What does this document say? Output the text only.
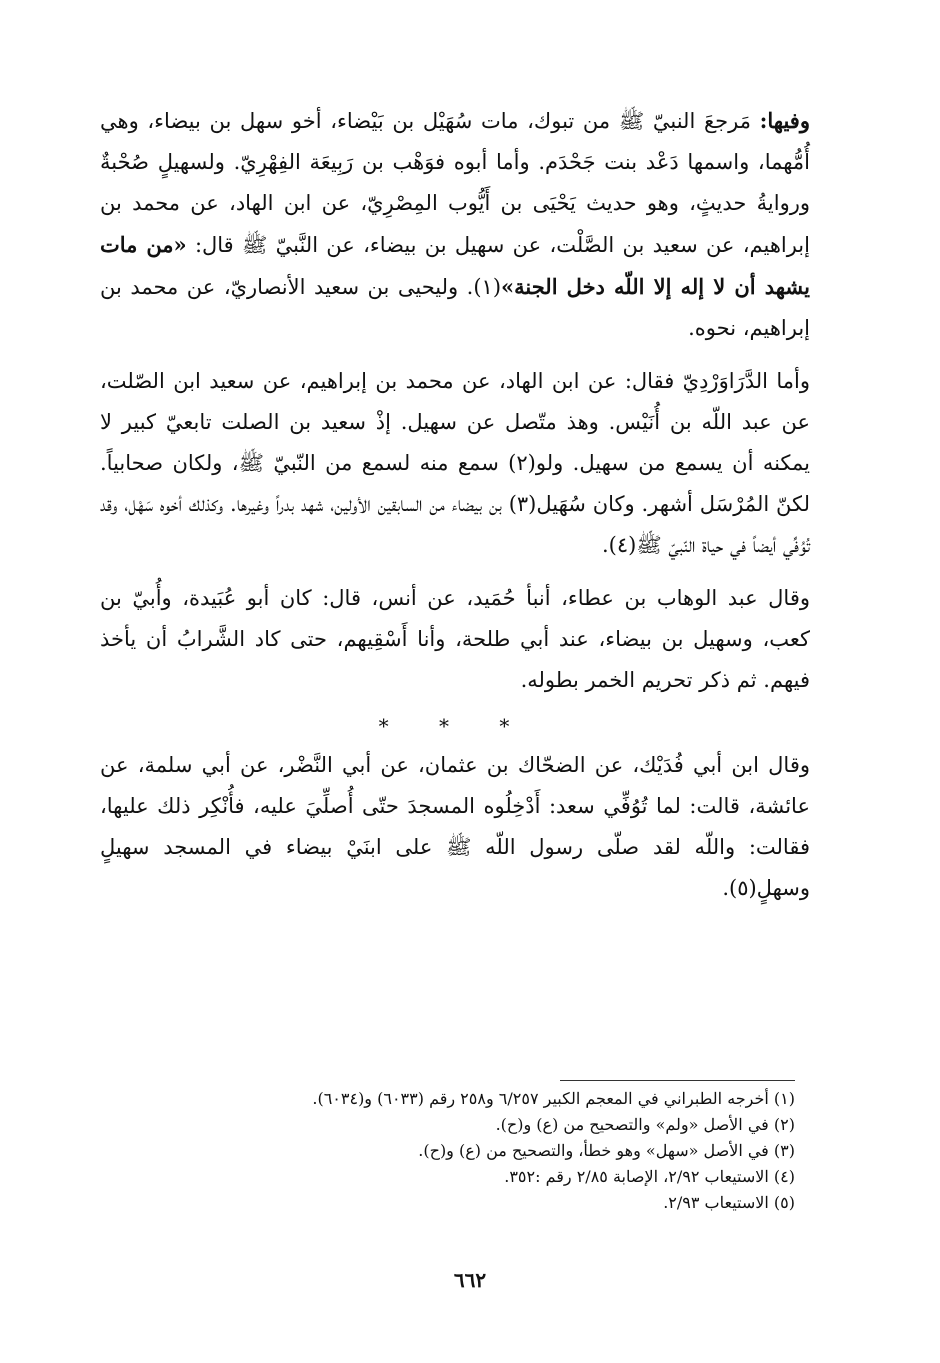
وفيها: مَرجعَ النبيّ ﷺ من تبوك، مات سُهَيْل بن بَيْضاء، أخو سهل بن بيضاء، وهي أُمُّهما، واسمها دَعْد بنت جَحْدَم. وأما أبوه فوَهْب بن رَبِيعَة الفِهْرِيّ. ولسهيلٍ صُحْبةٌ وروايةُ حديثٍ، وهو حديث يَحْيَى بن أَيُّوب المِصْرِيّ، عن ابن الهاد، عن محمد بن إبراهيم، عن سعيد بن الصَّلْت، عن سهيل بن بيضاء، عن النَّبيّ ﷺ قال: «من مات يشهد أن لا إله إلا اللّه دخل الجنة»(١). وليحيى بن سعيد الأنصاريّ، عن محمد بن إبراهيم، نحوه.

وأما الدَّرَاوَرْدِيّ فقال: عن ابن الهاد، عن محمد بن إبراهيم، عن سعيد ابن الصّلت، عن عبد اللّه بن أُنَيْس. وهذ متّصل عن سهيل. إذْ سعيد بن الصلت تابعيّ كبير لا يمكنه أن يسمع من سهيل. ولو(٢) سمع منه لسمع من النّبيّ ﷺ، ولكان صحابياً. لكنّ المُرْسَل أشهر. وكان سُهَيل(٣) بن بيضاء من السابقين الأولين، شهد بدراً وغيرها. وكذلك أخوه سَهْل، وقد تُوُفِّي أيضاً في حياة النّبيّ ﷺ(٤).

وقال عبد الوهاب بن عطاء، أنبأ حُمَيد، عن أنس، قال: كان أبو عُبَيدة، وأُبيّ بن كعب، وسهيل بن بيضاء، عند أبي طلحة، وأنا أَسْقِيهم، حتى كاد الشَّرابُ أن يأخذ فيهم. ثم ذكر تحريم الخمر بطوله.

* * *

وقال ابن أبي فُدَيْك، عن الضحّاك بن عثمان، عن أبي النَّضْر، عن أبي سلمة، عن عائشة، قالت: لما تُوُفِّي سعد: أَدْخِلُوه المسجدَ حتّى أُصلِّيَ عليه، فأُنْكِر ذلك عليها، فقالت: واللّه لقد صلّى رسول اللّه ﷺ على ابنَيْ بيضاء في المسجد سهيلٍ وسهلٍ(٥).

(١) أخرجه الطبراني في المعجم الكبير ٦/٢٥٧ و٢٥٨ رقم (٦٠٣٣) و(٦٠٣٤).

(٢) في الأصل «ولم» والتصحيح من (ع) و(ح).

(٣) في الأصل «سهل» وهو خطأ، والتصحيح من (ع) و(ح).

(٤) الاستيعاب ٢/٩٢، الإصابة ٢/٨٥ رقم :٣٥٢.

(٥) الاستيعاب ٢/٩٣.

٦٦٢
